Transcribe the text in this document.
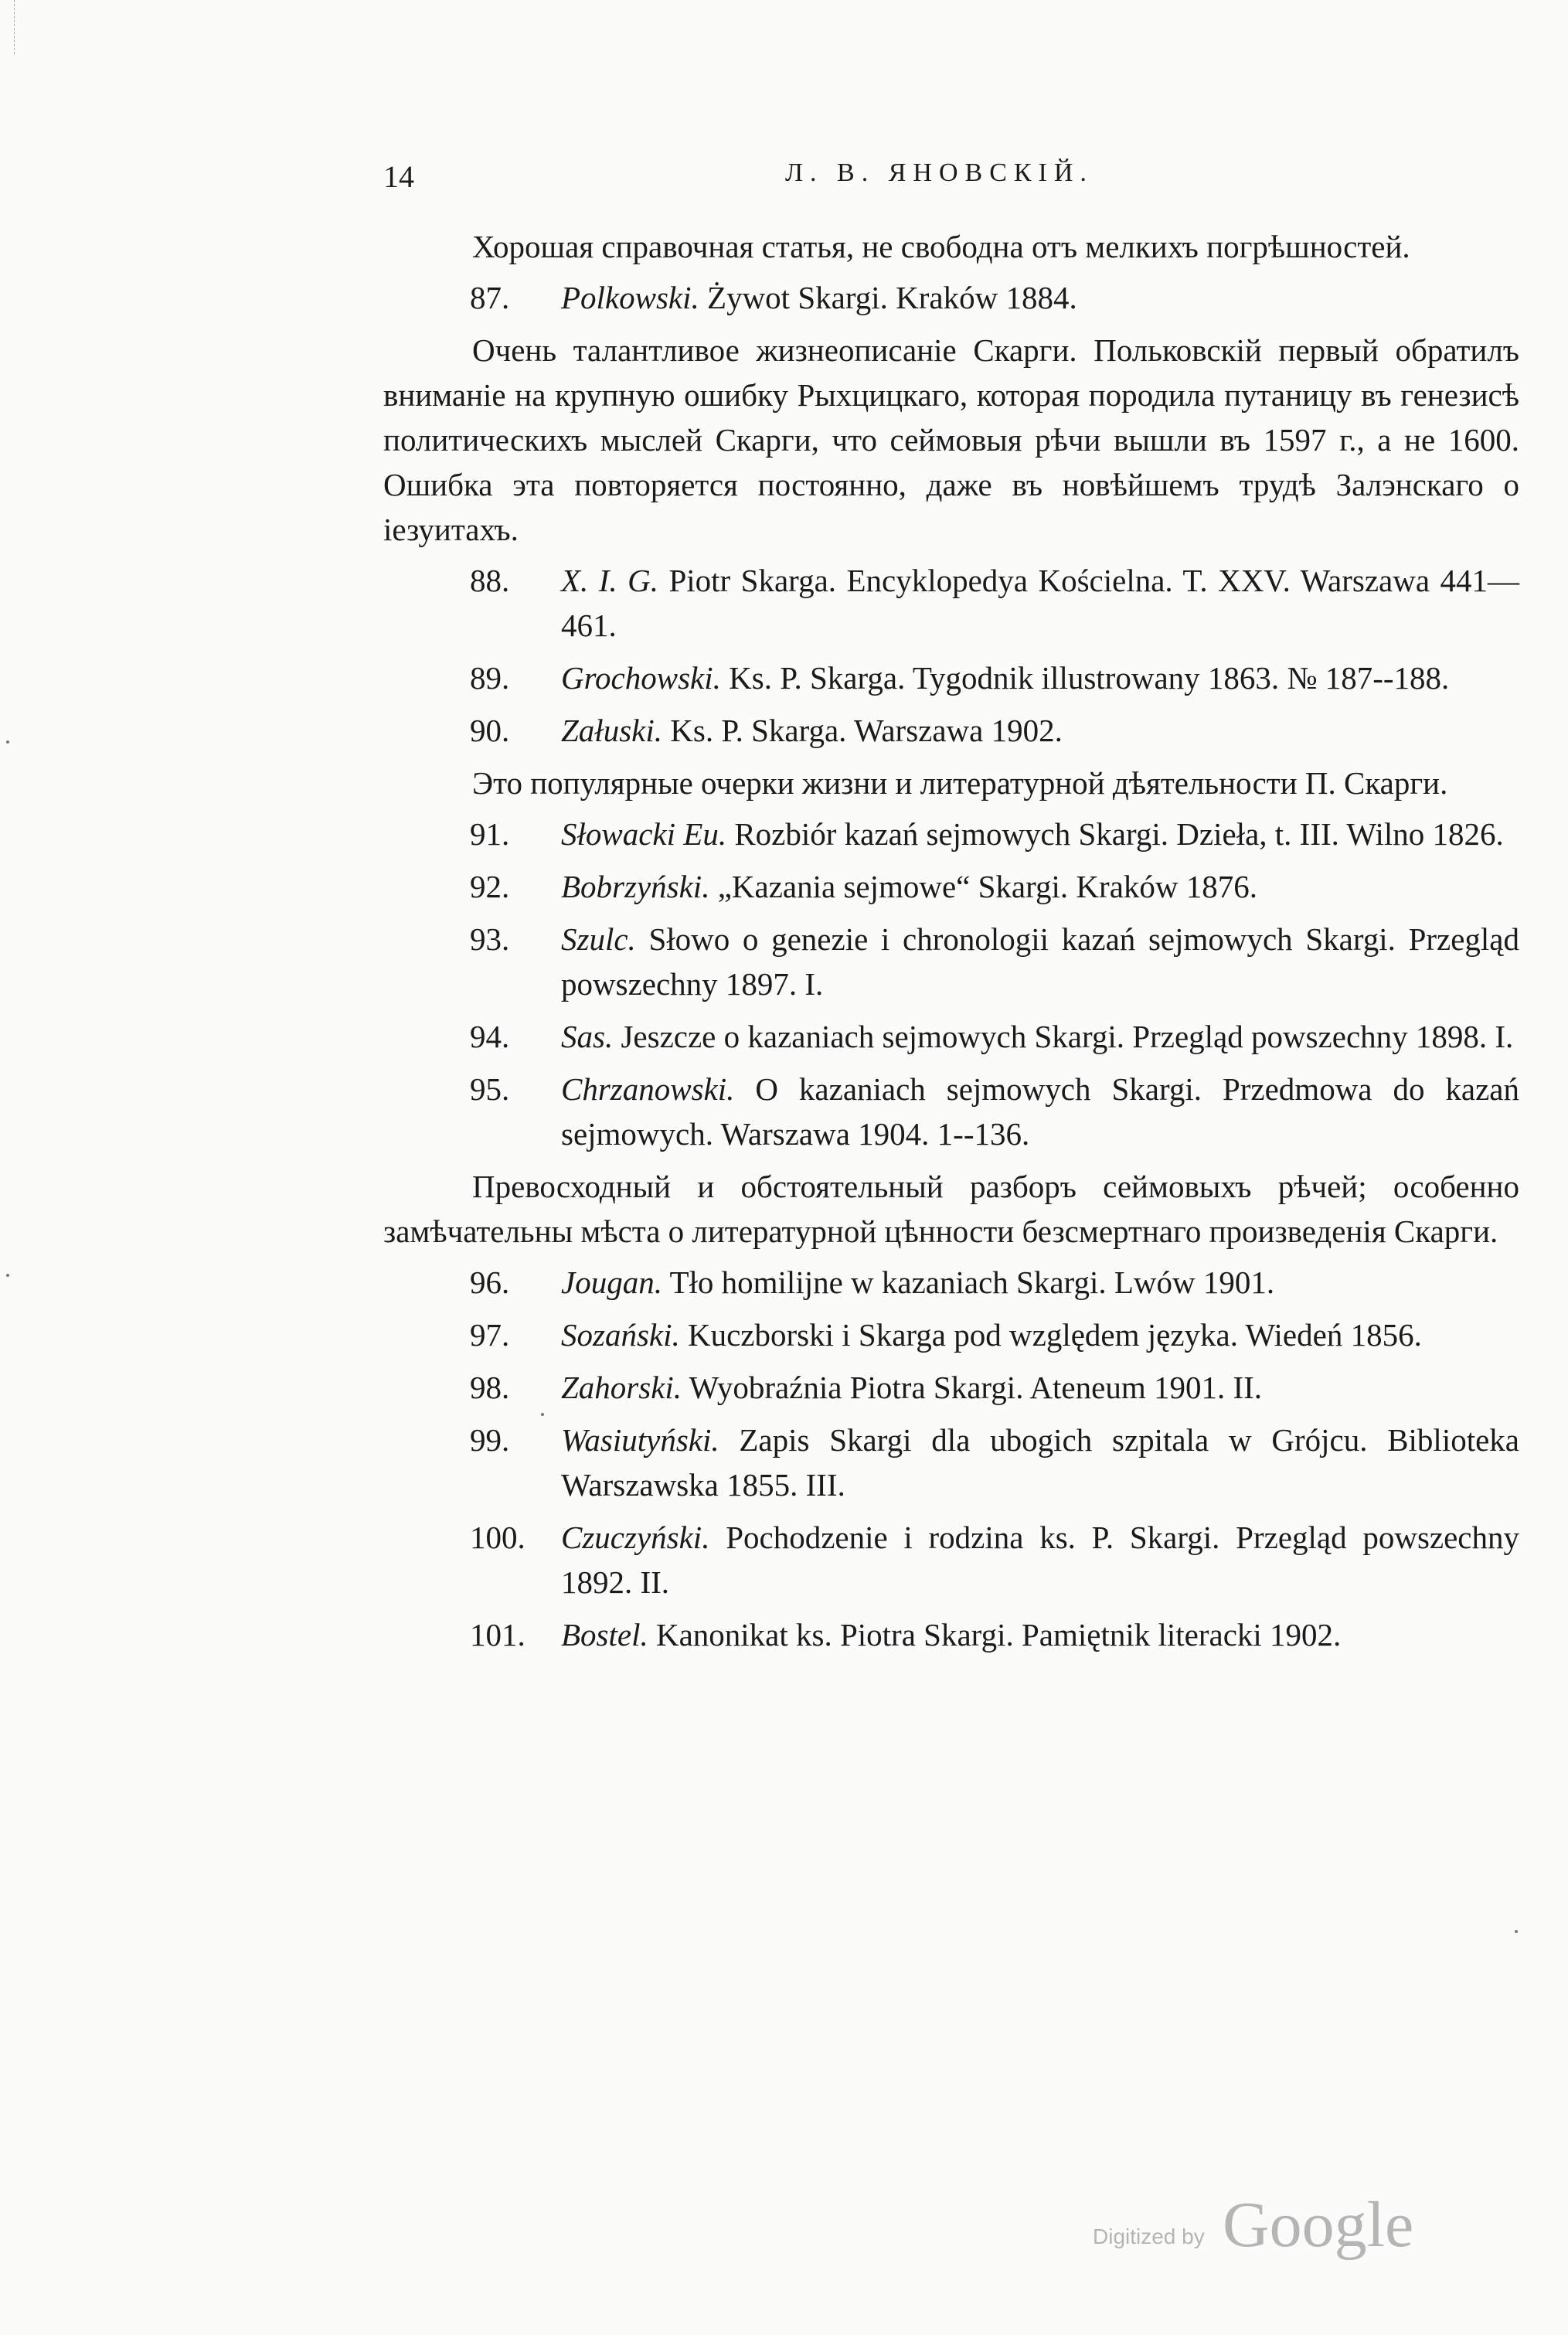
14	Л. В. ЯНОВСКІЙ.

Хорошая справочная статья, не свободна отъ мелкихъ погрѣшностей.

87. Polkowski. Żywot Skargi. Kraków 1884.

Очень талантливое жизнеописаніе Скарги. Польковскій первый обратилъ вниманіе на крупную ошибку Рыхцицкаго, которая породила путаницу въ генезисѣ политическихъ мыслей Скарги, что сеймовыя рѣчи вышли въ 1597 г., а не 1600. Ошибка эта повторяется постоянно, даже въ новѣйшемъ трудѣ Залэнскаго о іезуитахъ.

88. X. I. G. Piotr Skarga. Encyklopedya Kościelna. T. XXV. Warszawa 441—461.
89. Grochowski. Ks. P. Skarga. Tygodnik illustrowany 1863. № 187--188.
90. Załuski. Ks. P. Skarga. Warszawa 1902.

Это популярные очерки жизни и литературной дѣятельности П. Скарги.

91. Słowacki Eu. Rozbiór kazań sejmowych Skargi. Dzieła, t. III. Wilno 1826.
92. Bobrzyński. „Kazania sejmowe“ Skargi. Kraków 1876.
93. Szulc. Słowo o genezie i chronologii kazań sejmowych Skargi. Przegląd powszechny 1897. I.
94. Sas. Jeszcze o kazaniach sejmowych Skargi. Przegląd powszechny 1898. I.
95. Chrzanowski. O kazaniach sejmowych Skargi. Przedmowa do kazań sejmowych. Warszawa 1904. 1--136.

Превосходный и обстоятельный разборъ сеймовыхъ рѣчей; особенно замѣчательны мѣста о литературной цѣнности безсмертнаго произведенія Скарги.

96. Jougan. Tło homilijne w kazaniach Skargi. Lwów 1901.
97. Sozański. Kuczborski i Skarga pod względem języka. Wiedeń 1856.
98. Zahorski. Wyobraźnia Piotra Skargi. Ateneum 1901. II.
99. Wasiutyński. Zapis Skargi dla ubogich szpitala w Grójcu. Biblioteka Warszawska 1855. III.
100. Czuczyński. Pochodzenie i rodzina ks. P. Skargi. Przegląd powszechny 1892. II.
101. Bostel. Kanonikat ks. Piotra Skargi. Pamiętnik literacki 1902.
Digitized by Google
